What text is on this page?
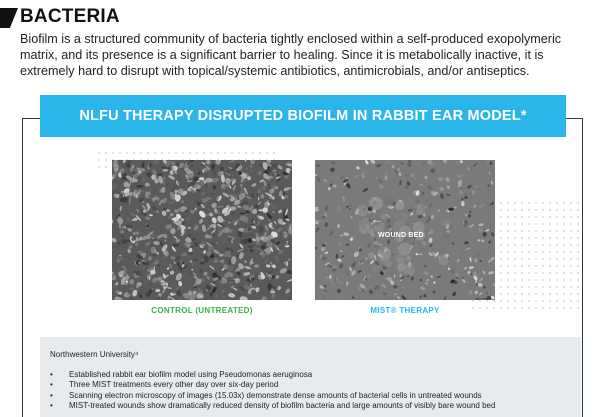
BACTERIA
Biofilm is a structured community of bacteria tightly enclosed within a self-produced exopolymeric matrix, and its presence is a significant barrier to healing. Since it is metabolically inactive, it is extremely hard to disrupt with topical/systemic antibiotics, antimicrobials, and/or antiseptics.
NLFU THERAPY DISRUPTED BIOFILM IN RABBIT EAR MODEL*
←
←
WOUND BED
CONTROL (UNTREATED)	MIST® THERAPY
Northwestern University⁴
• Established rabbit ear biofilm model using Pseudomonas aeruginosa
• Three MIST treatments every other day over six-day period
• Scanning electron microscopy of images (15.03x) demonstrate dense amounts of bacterial cells in untreated wounds
• MIST-treated wounds show dramatically reduced density of biofilm bacteria and large amounts of visibly bare wound bed
